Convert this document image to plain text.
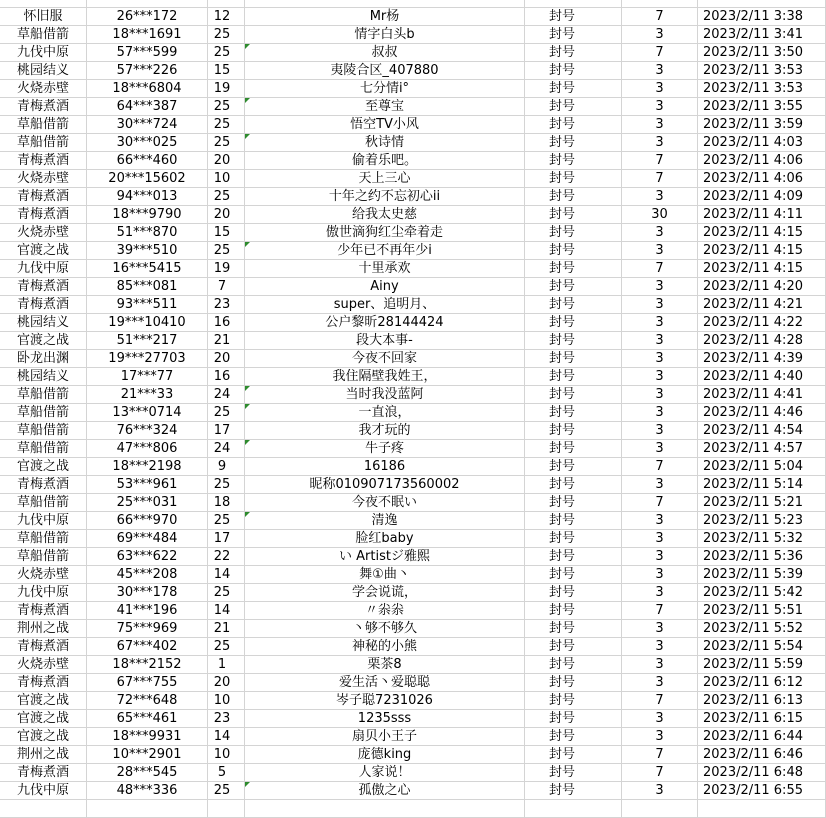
怀旧服	26***172	12	Mr杨	封号	7	2023/2/11 3:38
草船借箭	18***1691	25	情字白头b	封号	3	2023/2/11 3:41
九伐中原	57***599	25	叔叔	封号	7	2023/2/11 3:50
桃园结义	57***226	15	夷陵合区_407880	封号	3	2023/2/11 3:53
火烧赤壁	18***6804	19	七分情i°	封号	3	2023/2/11 3:53
青梅煮酒	64***387	25	至尊宝	封号	3	2023/2/11 3:55
草船借箭	30***724	25	悟空TV小风	封号	3	2023/2/11 3:59
草船借箭	30***025	25	秋诗情	封号	3	2023/2/11 4:03
青梅煮酒	66***460	20	偷着乐吧。	封号	7	2023/2/11 4:06
火烧赤壁	20***15602	10	天上三心	封号	7	2023/2/11 4:06
青梅煮酒	94***013	25	十年之约不忘初心ii	封号	3	2023/2/11 4:09
青梅煮酒	18***9790	20	给我太史慈	封号	30	2023/2/11 4:11
火烧赤壁	51***870	15	傲世滴狗红尘牵着走	封号	3	2023/2/11 4:15
官渡之战	39***510	25	少年已不再年少i	封号	3	2023/2/11 4:15
九伐中原	16***5415	19	十里承欢	封号	7	2023/2/11 4:15
青梅煮酒	85***081	7	Ainy	封号	3	2023/2/11 4:20
青梅煮酒	93***511	23	super、追明月、	封号	3	2023/2/11 4:21
桃园结义	19***10410	16	公户黎昕28144424	封号	3	2023/2/11 4:22
官渡之战	51***217	21	段大本事-	封号	3	2023/2/11 4:28
卧龙出渊	19***27703	20	今夜不回家	封号	3	2023/2/11 4:39
桃园结义	17***77	16	我住隔壁我姓王，	封号	3	2023/2/11 4:40
草船借箭	21***33	24	当时我没蓝阿	封号	3	2023/2/11 4:41
草船借箭	13***0714	25	一直浪，	封号	3	2023/2/11 4:46
草船借箭	76***324	17	我才玩的	封号	3	2023/2/11 4:54
草船借箭	47***806	24	牛子疼	封号	3	2023/2/11 4:57
官渡之战	18***2198	9	16186	封号	7	2023/2/11 5:04
青梅煮酒	53***961	25	昵称010907173560002	封号	3	2023/2/11 5:14
草船借箭	25***031	18	今夜不眠い	封号	7	2023/2/11 5:21
九伐中原	66***970	25	清逸	封号	3	2023/2/11 5:23
草船借箭	69***484	17	脸红baby	封号	3	2023/2/11 5:32
草船借箭	63***622	22	い Artistジ雅熙	封号	3	2023/2/11 5:36
火烧赤壁	45***208	14	舞①曲丶	封号	3	2023/2/11 5:39
九伐中原	30***178	25	学会说谎，	封号	3	2023/2/11 5:42
青梅煮酒	41***196	14	〃尜尜	封号	7	2023/2/11 5:51
荆州之战	75***969	21	丶够不够久	封号	3	2023/2/11 5:52
青梅煮酒	67***402	25	神秘的小熊	封号	3	2023/2/11 5:54
火烧赤壁	18***2152	1	栗茶8	封号	3	2023/2/11 5:59
青梅煮酒	67***755	20	爱生活丶爱聪聪	封号	3	2023/2/11 6:12
官渡之战	72***648	10	岑子聪7231026	封号	7	2023/2/11 6:13
官渡之战	65***461	23	1235sss	封号	3	2023/2/11 6:15
官渡之战	18***9931	14	扇贝小王子	封号	3	2023/2/11 6:44
荆州之战	10***2901	10	庞德king	封号	7	2023/2/11 6:46
青梅煮酒	28***545	5	人家说！	封号	7	2023/2/11 6:48
九伐中原	48***336	25	孤傲之心	封号	3	2023/2/11 6:55
